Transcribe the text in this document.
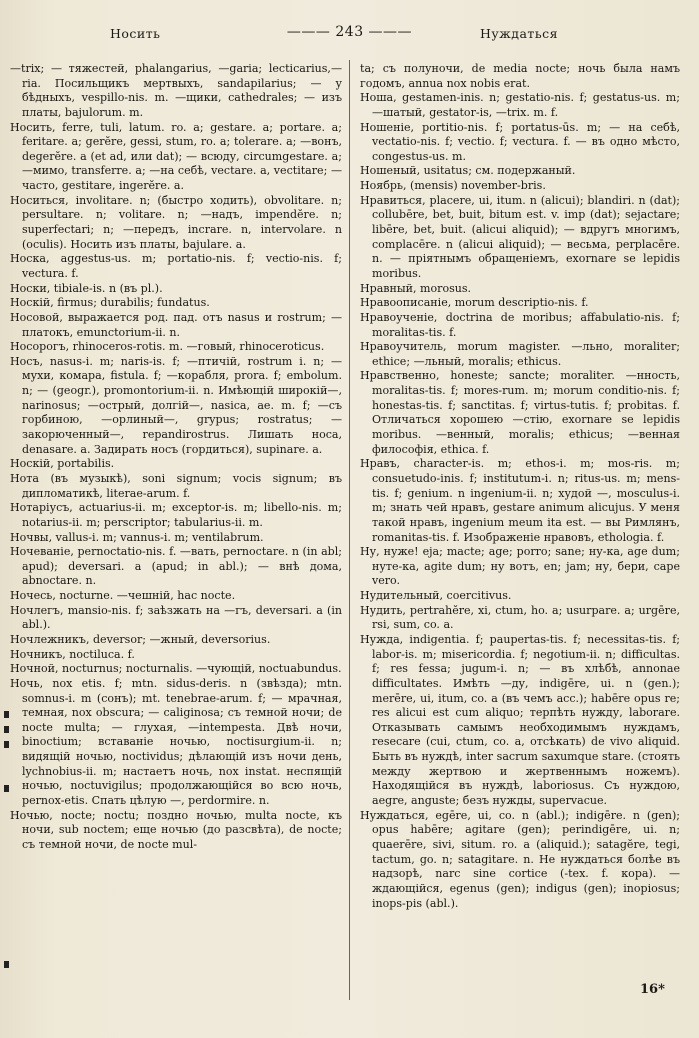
Носить	——— 243 ———	Нуждаться

—trix; — тяжестей, phalangarius, —garia; lecticarius,—ria. Посильщикъ мертвыхъ, sandapilarius; — у бѣдныхъ, vespillo-nis. m. —щики, cathedrales; — изъ платы, bajulorum. m.

Носить, ferre, tuli, latum. ro. a; gestare. a; portare. a; feritare. a; gerĕre, gessi, stum, ro. a; tolerare. a; —вонъ, degerĕre. a (et ad, или dat); — всюду, circumgestare. a; —мимо, transferre. a; —на себѣ, vectare. a, vectitare; — часто, gestitare, ingerĕre. a.

Носиться, involitare. n; (быстро ходить), obvolitare. n; persultare. n; volitare. n; —надъ, impendĕre. n; superfectari; n; —передъ, incrare. n, intervolare. n (oculis). Носить изъ платы, bajulare. a.

Носка, aggestus-us. m; portatio-nis. f; vectio-nis. f; vectura. f.

Носки, tibiale-is. n (въ pl.).

Носкій, firmus; durabilis; fundatus.

Носовой, выражается род. пад. отъ nasus и rostrum; — платокъ, emunctorium-ii. n.

Носорогъ, rhinoceros-rotis. m. —говый, rhinoceroticus.

Носъ, nasus-i. m; naris-is. f; —птичій, rostrum i. n; —мухи, комара, fistula. f; —корабля, prora. f; embolum. n; — (geogr.), promontorium-ii. n. Имѣющій широкій—, narinosus; —острый, долгій—, nasica, ae. m. f; —съ горбиною, —орлиный—, grypus; rostratus; —закорюченный—, repandirostrus. Лишать носа, denasare. a. Задирать носъ (гордиться), supinare. a.

Носкій, portabilis.

Нота (въ музыкѣ), soni signum; vocis signum; въ дипломатикѣ, literae-arum. f.

Нотаріусъ, actuarius-ii. m; exceptor-is. m; libello-nis. m; notarius-ii. m; perscriptor; tabularius-ii. m.

Ночвы, vallus-i. m; vannus-i. m; ventilabrum.

Ночеваніе, pernoctatio-nis. f. —вать, pernoctare. n (in abl; apud); deversari. a (apud; in abl.); — внѣ дома, abnoctare. n.

Ночесь, nocturne. —чешній, hac nocte.

Ночлегъ, mansio-nis. f; заѣзжать на —гъ, deversari. a (in abl.).

Ночлежникъ, deversor; —жный, deversorius.

Ночникъ, noctiluca. f.

Ночной, nocturnus; nocturnalis. —чующій, noctuabundus.

Ночь, nox etis. f; mtn. sidus-deris. n (звѣзда); mtn. somnus-i. m (сонъ); mt. tenebrae-arum. f; — мрачная, темная, nox obscura; — caliginosa; съ темной ночи; de nocte multa; — глухая, —intempesta. Двѣ ночи, binoctium; вставаніе ночью, noctisurgium-ii. n; видящій ночью, noctividus; дѣлающій изъ ночи день, lychnobius-ii. m; настаетъ ночь, nox instat. неспящій ночью, noctuvigilus; продолжающійся во всю ночь, pernox-etis. Спать цѣлую —, perdormire. n.

Ночью, nocte; noctu; поздно ночью, multa nocte, къ ночи, sub noctem; еще ночью (до разсвѣта), de nocte; съ темной ночи, de nocte mul-

ta; съ полуночи, de media nocte; ночь была намъ годомъ, annua nox nobis erat.

Ноша, gestamen-inis. n; gestatio-nis. f; gestatus-us. m; —шатый, gestator-is, —trix. m. f.

Ношеніе, portitio-nis. f; portatus-ūs. m; — на себѣ, vectatio-nis. f; vectio. f; vectura. f. — въ одно мѣсто, congestus-us. m.

Ношеный, usitatus; см. подержаный.

Ноябрь, (mensis) november-bris.

Нравиться, placere, ui, itum. n (alicui); blandiri. n (dat); collubēre, bet, buit, bitum est. v. imp (dat); sejactare; libēre, bet, buit. (alicui aliquid); — вдругъ многимъ, complacēre. n (alicui aliquid); — весьма, perplacēre. n. — пріятнымъ обращеніемъ, exornare se lepidis moribus.

Нравный, morosus.

Нравоописаніе, morum descriptio-nis. f.

Нравоученіе, doctrina de moribus; affabulatio-nis. f; moralitas-tis. f.

Нравоучитель, morum magister. —льно, moraliter; ethice; —льный, moralis; ethicus.

Нравственно, honeste; sancte; moraliter. —нность, moralitas-tis. f; mores-rum. m; morum conditio-nis. f; honestas-tis. f; sanctitas. f; virtus-tutis. f; probitas. f. Отличаться хорошею —стію, exornare se lepidis moribus. —венный, moralis; ethicus; —венная философія, ethica. f.

Нравъ, character-is. m; ethos-i. m; mos-ris. m; consuetudo-inis. f; institutum-i. n; ritus-us. m; mens-tis. f; genium. n ingenium-ii. n; худой —, mosculus-i. m; знать чей нравъ, gestare animum alicujus. У меня такой нравъ, ingenium meum ita est. — вы Римлянъ, romanitas-tis. f. Изображеніе нравовъ, ethologia. f.

Ну, нуже! eja; macte; age; porro; sane; ну-ка, age dum; нуте-ка, agite dum; ну вотъ, en; jam; ну, бери, cape vero.

Нудительный, coercitivus.

Нудить, pertrahĕre, xi, ctum, ho. a; usurpare. a; urgēre, rsi, sum, co. a.

Нужда, indigentia. f; paupertas-tis. f; necessitas-tis. f; labor-is. m; misericordia. f; negotium-ii. n; difficultas. f; res fessa; jugum-i. n; — въ хлѣбѣ, annonae difficultates. Имѣть —ду, indigēre, ui. n (gen.); merēre, ui, itum, co. a (въ чемъ acc.); habēre opus re; res alicui est cum aliquo; терпѣть нужду, laborare. Отказывать самымъ необходимымъ нуждамъ, resecare (cui, ctum, co. a, отсѣкать) de vivo aliquid. Быть въ нуждѣ, inter sacrum saxumque stare. (стоять между жертвою и жертвеннымъ ножемъ). Находящійся въ нуждѣ, laboriosus. Съ нуждою, aegre, anguste; безъ нужды, supervacue.

Нуждаться, egēre, ui, co. n (abl.); indigēre. n (gen); opus habēre; agitare (gen); perindigēre, ui. n; quaerēre, sivi, situm. ro. a (aliquid.); satagĕre, tegi, tactum, go. n; satagitare. n. Не нуждаться болѣе въ надзорѣ, narc sine cortice (-tex. f. кора). —ждающійся, egenus (gen); indigus (gen); inopiosus; inops-pis (abl.).

16*
